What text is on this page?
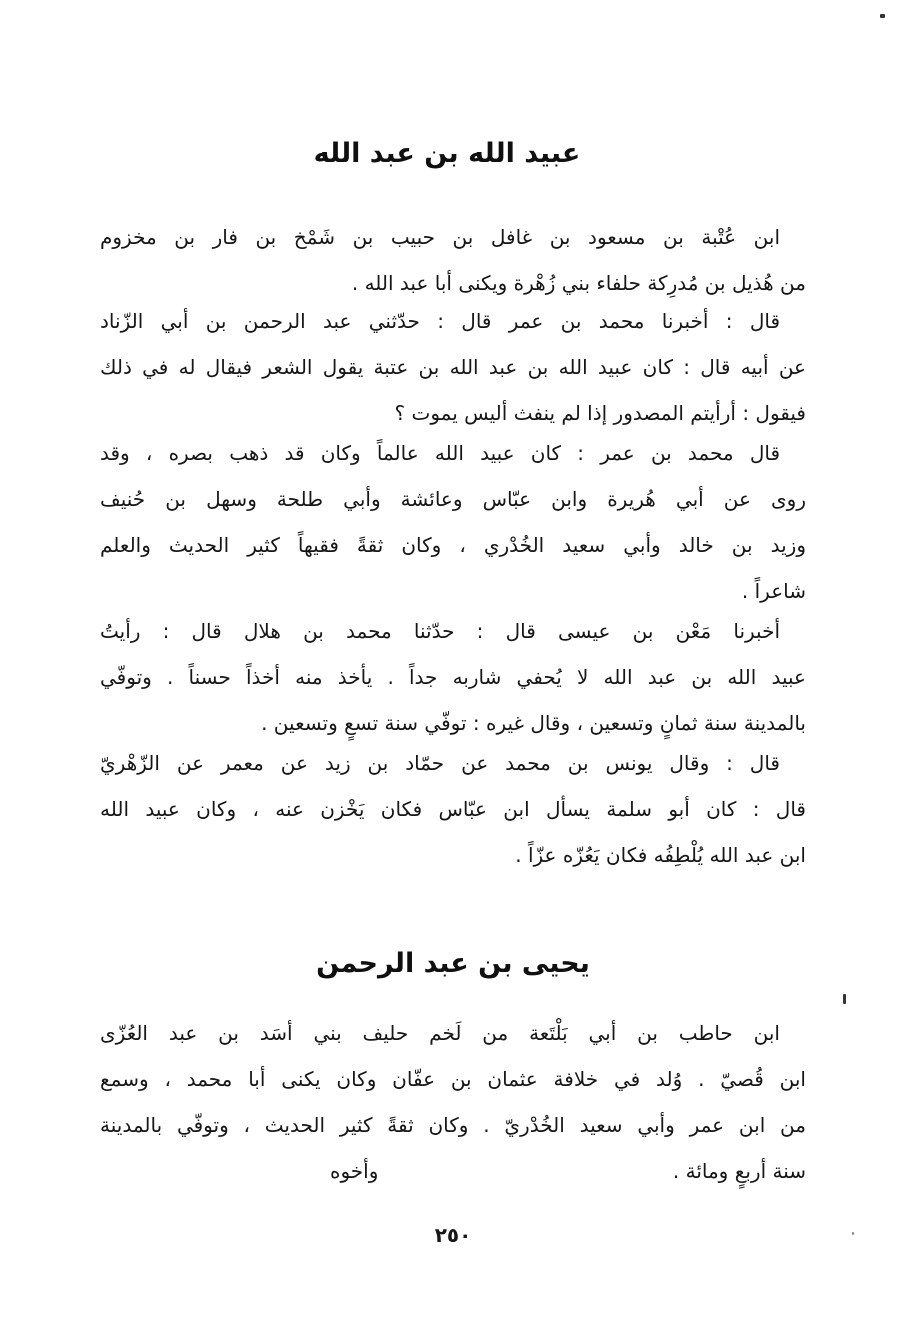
عبيد الله بن عبد الله
ابن عُتْبة بن مسعود بن غافل بن حبيب بن شَمْخ بن فار بن مخزوم
من هُذيل بن مُدرِكة حلفاء بني زُهْرة ويكنى أبا عبد الله .
قال : أخبرنا محمد بن عمر قال : حدّثني عبد الرحمن بن أبي الزّناد
عن أبيه قال : كان عبيد الله بن عبد الله بن عتبة يقول الشعر فيقال له في ذلك
فيقول : أرأيتم المصدور إذا لم ينفث أليس يموت ؟
قال محمد بن عمر : كان عبيد الله عالماً وكان قد ذهب بصره ، وقد
روى عن أبي هُريرة وابن عبّاس وعائشة وأبي طلحة وسهل بن حُنيف
وزيد بن خالد وأبي سعيد الخُدْري ، وكان ثقةً فقيهاً كثير الحديث والعلم
شاعراً .
أخبرنا مَعْن بن عيسى قال : حدّثنا محمد بن هلال قال : رأيتُ
عبيد الله بن عبد الله لا يُحفي شاربه جداً . يأخذ منه أخذاً حسناً . وتوفّي
بالمدينة سنة ثمانٍ وتسعين ، وقال غيره : توفّي سنة تسعٍ وتسعين .
قال : وقال يونس بن محمد عن حمّاد بن زيد عن معمر عن الزّهْريّ
قال : كان أبو سلمة يسأل ابن عبّاس فكان يَخْزن عنه ، وكان عبيد الله
ابن عبد الله يُلْطِفُه فكان يَعُزّه عزّاً .
يحيى بن عبد الرحمن
ابن حاطب بن أبي بَلْتَعة من لَخم حليف بني أسَد بن عبد العُزّى
ابن قُصيّ . وُلد في خلافة عثمان بن عفّان وكان يكنى أبا محمد ، وسمع
من ابن عمر وأبي سعيد الخُدْريّ . وكان ثقةً كثير الحديث ، وتوفّي بالمدينة
سنة أربعٍ ومائة .
وأخوه
٢٥٠
